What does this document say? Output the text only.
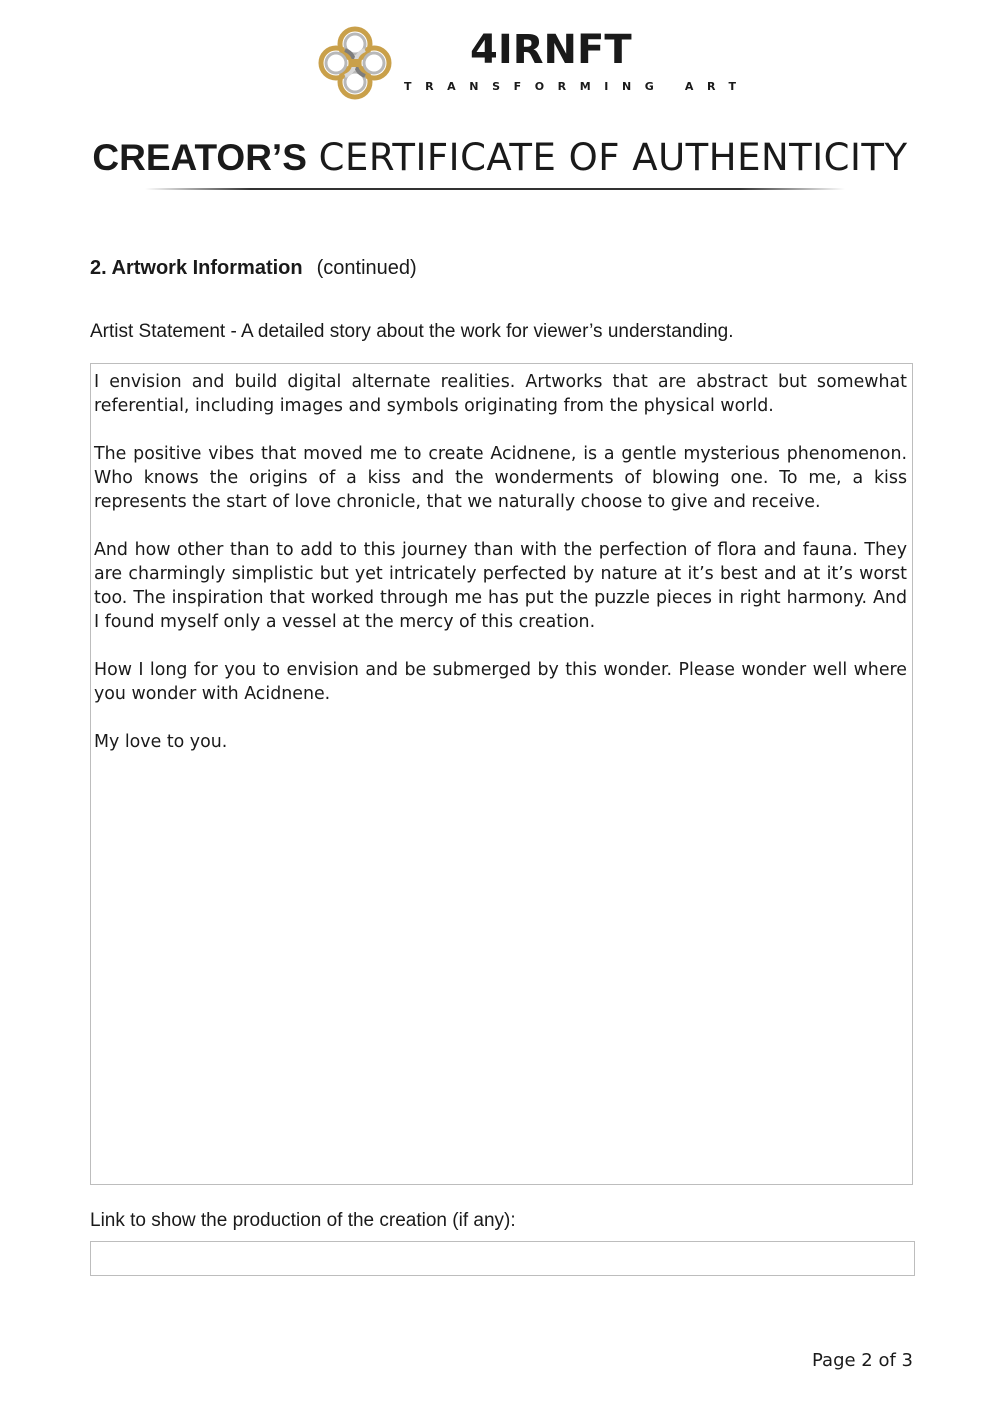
4IRNFT
TRANSFORMING ART
CREATOR’S CERTIFICATE OF AUTHENTICITY
2. Artwork Information (continued)
Artist Statement - A detailed story about the work for viewer’s understanding.

I envision and build digital alternate realities. Artworks that are abstract but somewhat referential, including images and symbols originating from the physical world.

The positive vibes that moved me to create Acidnene, is a gentle mysterious phenomenon. Who knows the origins of a kiss and the wonderments of blowing one. To me, a kiss represents the start of love chronicle, that we naturally choose to give and receive.

And how other than to add to this journey than with the perfection of flora and fauna. They are charmingly simplistic but yet intricately perfected by nature at it’s best and at it’s worst too. The inspiration that worked through me has put the puzzle pieces in right harmony. And I found myself only a vessel at the mercy of this creation.

How I long for you to envision and be submerged by this wonder. Please wonder well where you wonder with Acidnene.

My love to you.

Link to show the production of the creation (if any):
Page 2 of 3
